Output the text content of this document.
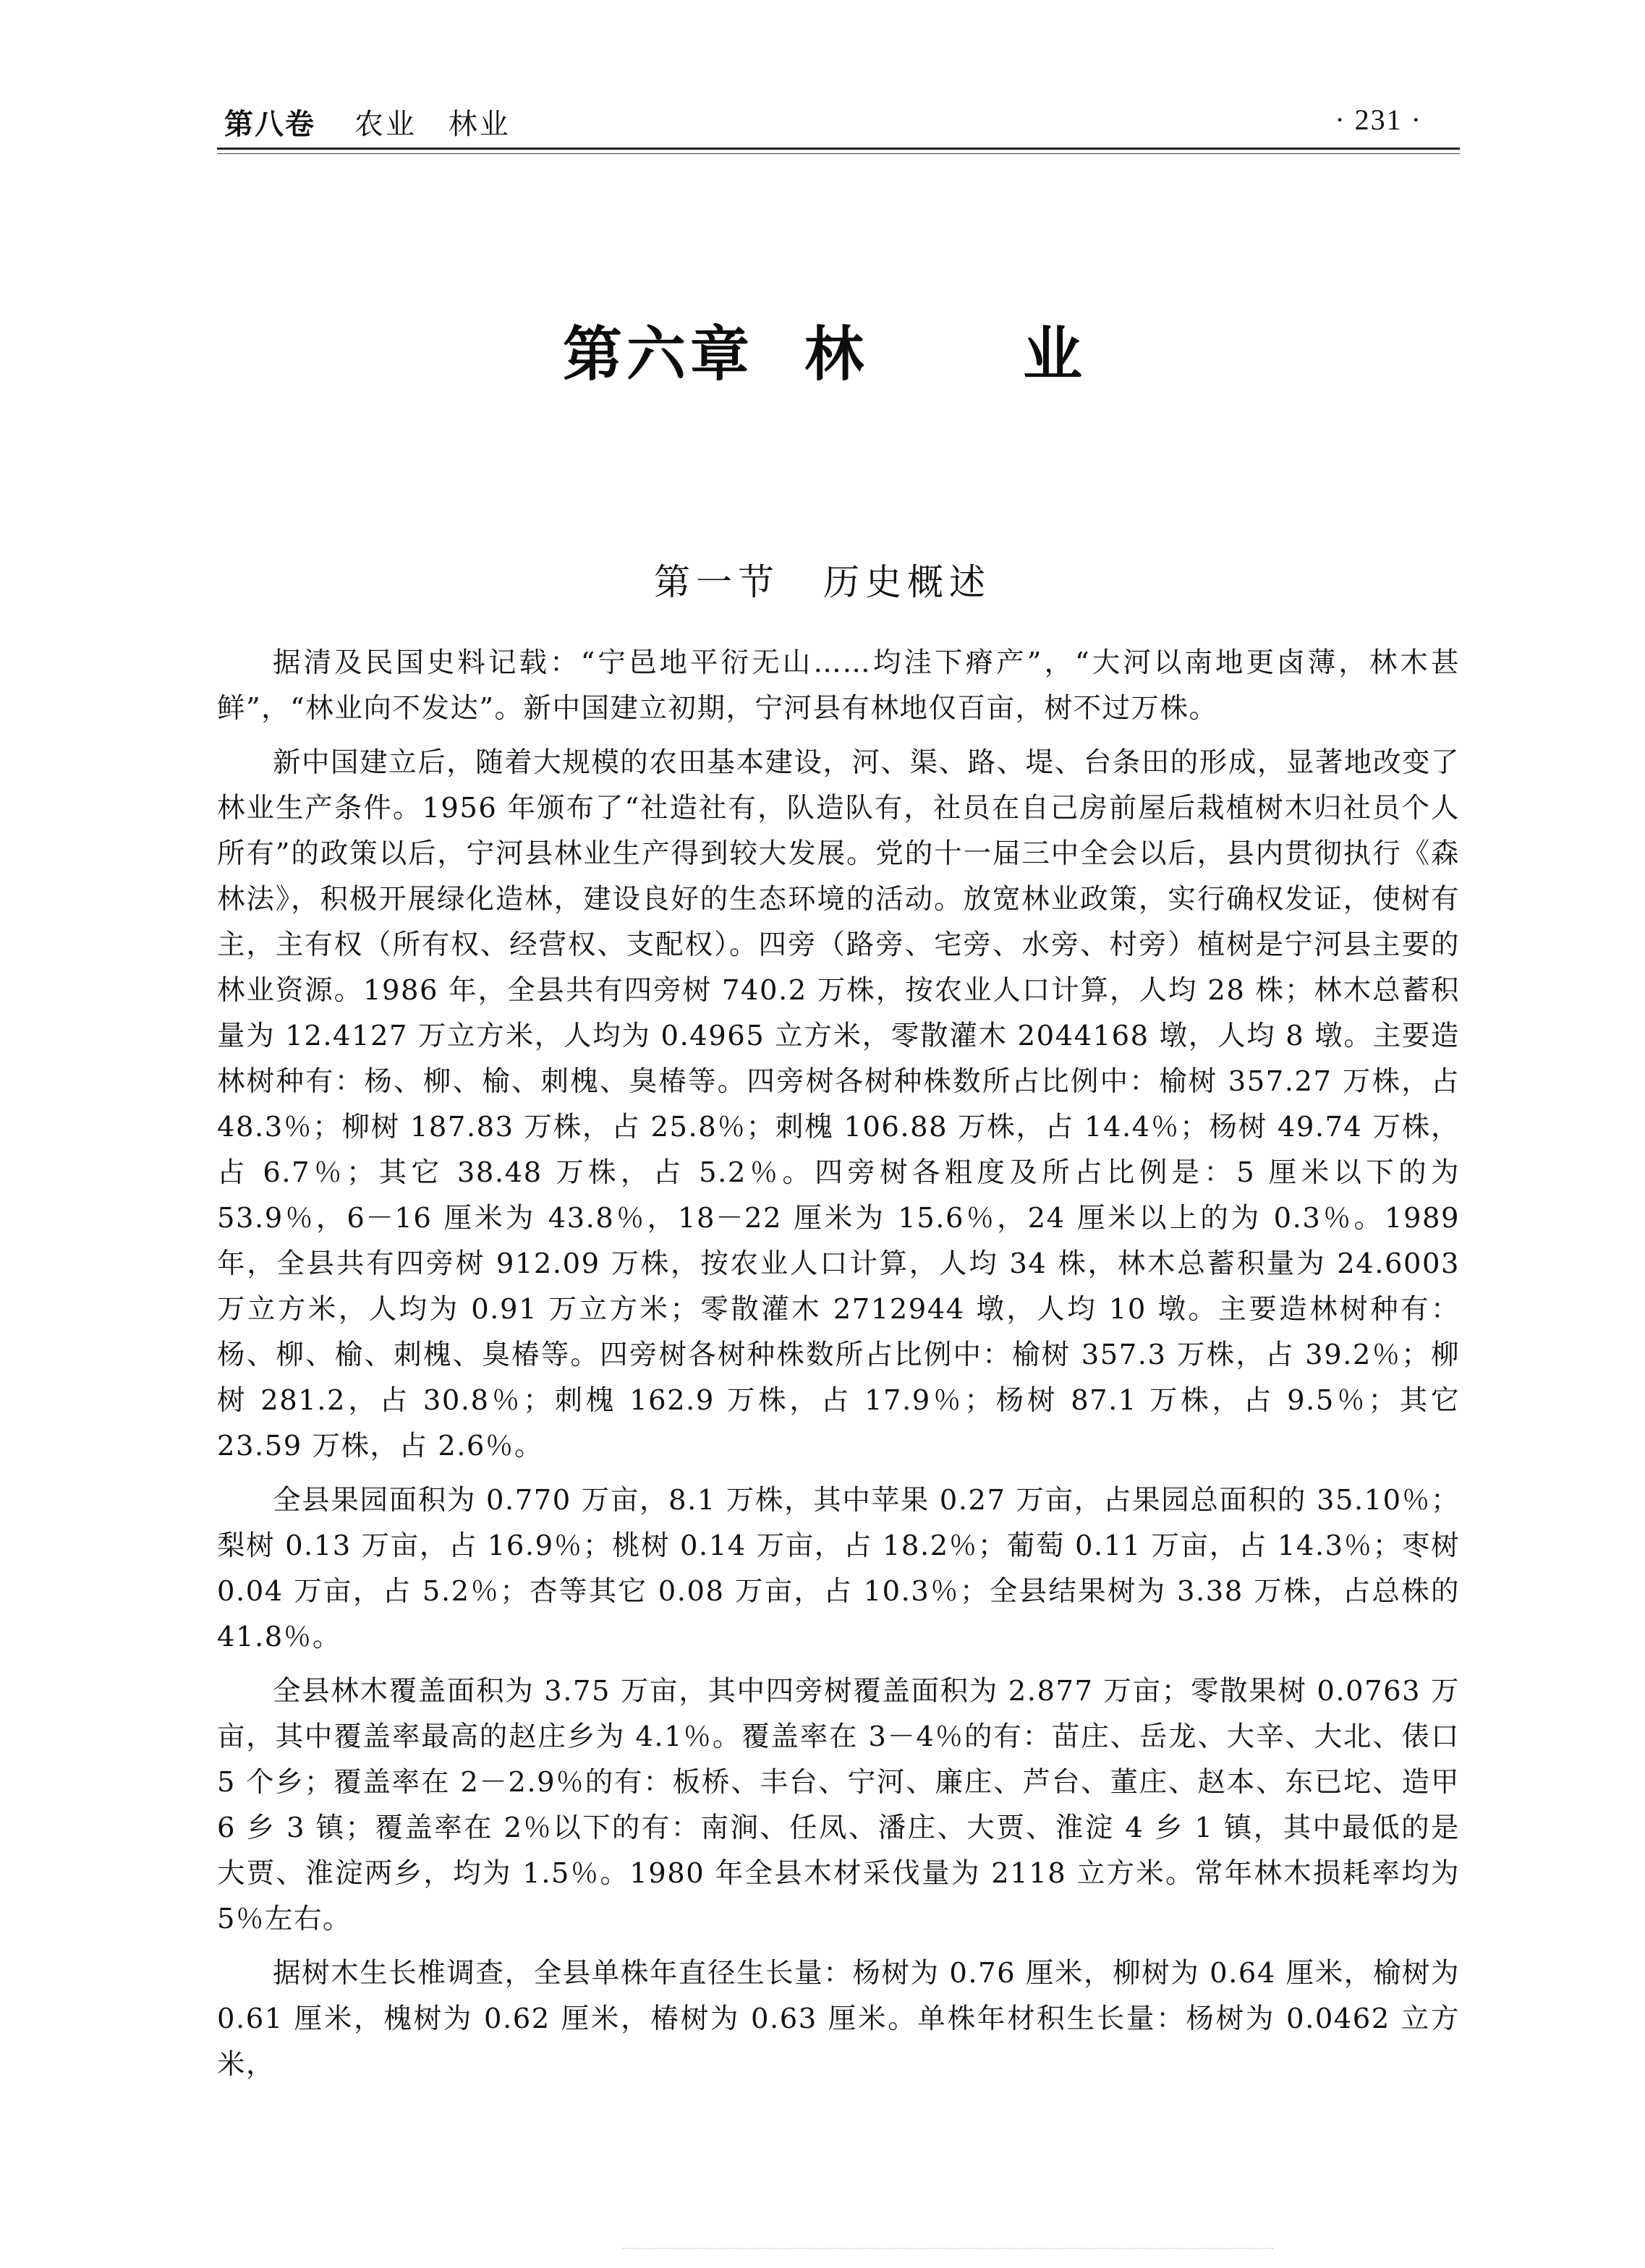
第八卷 农业 林业	· 231 ·
第六章 林业
第一节 历史概述

据清及民国史料记载：“宁邑地平衍无山……均洼下瘠产”，“大河以南地更卤薄，林木甚鲜”，“林业向不发达”。新中国建立初期，宁河县有林地仅百亩，树不过万株。

新中国建立后，随着大规模的农田基本建设，河、渠、路、堤、台条田的形成，显著地改变了林业生产条件。1956 年颁布了“社造社有，队造队有，社员在自己房前屋后栽植树木归社员个人所有”的政策以后，宁河县林业生产得到较大发展。党的十一届三中全会以后，县内贯彻执行《森林法》，积极开展绿化造林，建设良好的生态环境的活动。放宽林业政策，实行确权发证，使树有主，主有权（所有权、经营权、支配权）。四旁（路旁、宅旁、水旁、村旁）植树是宁河县主要的林业资源。1986 年，全县共有四旁树 740.2 万株，按农业人口计算，人均 28 株；林木总蓄积量为 12.4127 万立方米，人均为 0.4965 立方米，零散灌木 2044168 墩，人均 8 墩。主要造林树种有：杨、柳、榆、刺槐、臭椿等。四旁树各树种株数所占比例中：榆树 357.27 万株，占 48.3％；柳树 187.83 万株，占 25.8％；刺槐 106.88 万株，占 14.4％；杨树 49.74 万株，占 6.7％；其它 38.48 万株，占 5.2％。四旁树各粗度及所占比例是：5 厘米以下的为 53.9％，6－16 厘米为 43.8％，18－22 厘米为 15.6％，24 厘米以上的为 0.3％。1989 年，全县共有四旁树 912.09 万株，按农业人口计算，人均 34 株，林木总蓄积量为 24.6003 万立方米，人均为 0.91 万立方米；零散灌木 2712944 墩，人均 10 墩。主要造林树种有：杨、柳、榆、刺槐、臭椿等。四旁树各树种株数所占比例中：榆树 357.3 万株，占 39.2％；柳树 281.2，占 30.8％；刺槐 162.9 万株，占 17.9％；杨树 87.1 万株，占 9.5％；其它 23.59 万株，占 2.6％。

全县果园面积为 0.770 万亩，8.1 万株，其中苹果 0.27 万亩，占果园总面积的 35.10％；梨树 0.13 万亩，占 16.9％；桃树 0.14 万亩，占 18.2％；葡萄 0.11 万亩，占 14.3％；枣树 0.04 万亩，占 5.2％；杏等其它 0.08 万亩，占 10.3％；全县结果树为 3.38 万株，占总株的 41.8％。

全县林木覆盖面积为 3.75 万亩，其中四旁树覆盖面积为 2.877 万亩；零散果树 0.0763 万亩，其中覆盖率最高的赵庄乡为 4.1％。覆盖率在 3－4％的有：苗庄、岳龙、大辛、大北、俵口 5 个乡；覆盖率在 2－2.9％的有：板桥、丰台、宁河、廉庄、芦台、董庄、赵本、东已坨、造甲 6 乡 3 镇；覆盖率在 2％以下的有：南涧、任凤、潘庄、大贾、淮淀 4 乡 1 镇，其中最低的是大贾、淮淀两乡，均为 1.5％。1980 年全县木材采伐量为 2118 立方米。常年林木损耗率均为 5％左右。

据树木生长椎调查，全县单株年直径生长量：杨树为 0.76 厘米，柳树为 0.64 厘米，榆树为 0.61 厘米，槐树为 0.62 厘米，椿树为 0.63 厘米。单株年材积生长量：杨树为 0.0462 立方米，
